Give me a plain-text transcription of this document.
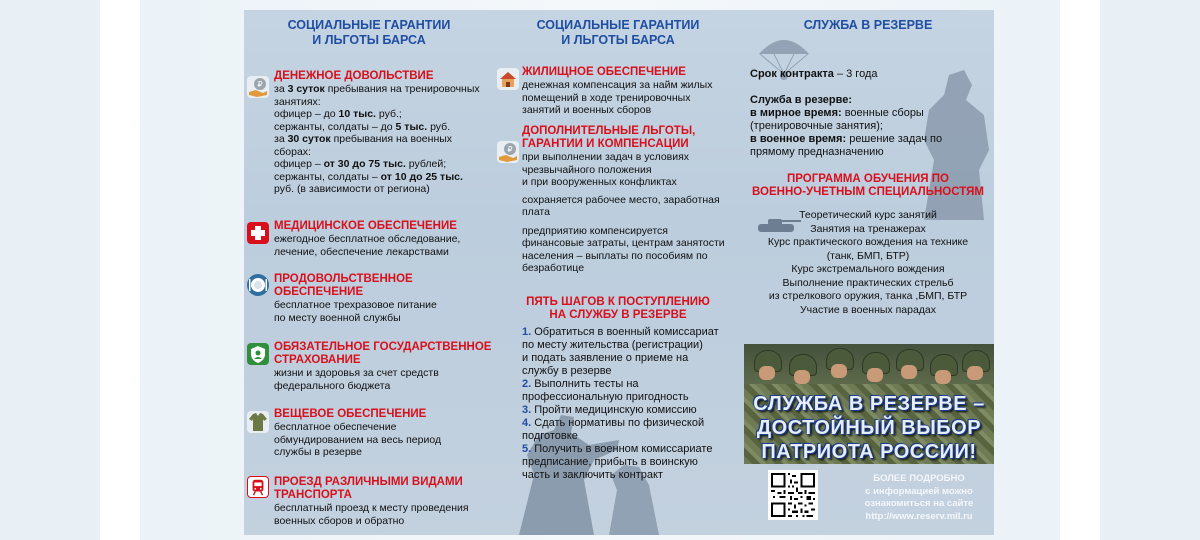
СОЦИАЛЬНЫЕ ГАРАНТИИ
И ЛЬГОТЫ БАРСА
₽
ДЕНЕЖНОЕ ДОВОЛЬСТВИЕ
за 3 суток пребывания на тренировочных
занятиях:
офицер – до 10 тыс. руб.;
сержанты, солдаты – до 5 тыс. руб.
за 30 суток пребывания на военных
сборах:
офицер – от 30 до 75 тыс. рублей;
сержанты, солдаты – от 10 до 25 тыс.
руб. (в зависимости от региона)
МЕДИЦИНСКОЕ ОБЕСПЕЧЕНИЕ
ежегодное бесплатное обследование,
лечение, обеспечение лекарствами
ПРОДОВОЛЬСТВЕННОЕ
ОБЕСПЕЧЕНИЕ
бесплатное трехразовое питание
по месту военной службы
ОБЯЗАТЕЛЬНОЕ ГОСУДАРСТВЕННОЕ
СТРАХОВАНИЕ
жизни и здоровья за счет средств
федерального бюджета
ВЕЩЕВОЕ ОБЕСПЕЧЕНИЕ
бесплатное обеспечение
обмундированием на весь период
службы в резерве
ПРОЕЗД РАЗЛИЧНЫМИ ВИДАМИ
ТРАНСПОРТА
бесплатный проезд к месту проведения
военных сборов и обратно
СОЦИАЛЬНЫЕ ГАРАНТИИ
И ЛЬГОТЫ БАРСА
ЖИЛИЩНОЕ ОБЕСПЕЧЕНИЕ
денежная компенсация за найм жилых
помещений в ходе тренировочных
занятий и военных сборов
₽
ДОПОЛНИТЕЛЬНЫЕ ЛЬГОТЫ,
ГАРАНТИИ И КОМПЕНСАЦИИ
при выполнении задач в условиях
чрезвычайного положения
и при вооруженных конфликтах
сохраняется рабочее место, заработная
плата
предприятию компенсируется
финансовые затраты, центрам занятости
населения – выплаты по пособиям по
безработице
ПЯТЬ ШАГОВ К ПОСТУПЛЕНИЮ
НА СЛУЖБУ В РЕЗЕРВЕ
1. Обратиться в военный комиссариат
по месту жительства (регистрации)
и подать заявление о приеме на
службу в резерве
2. Выполнить тесты на
профессиональную пригодность
3. Пройти медицинскую комиссию
4. Сдать нормативы по физической
подготовке
5. Получить в военном комиссариате
предписание, прибыть в воинскую
часть и заключить контракт
СЛУЖБА В РЕЗЕРВЕ
Срок контракта – 3 года
Служба в резерве:
в мирное время: военные сборы
(тренировочные занятия);
в военное время: решение задач по
прямому предназначению
ПРОГРАММА ОБУЧЕНИЯ ПО
ВОЕННО-УЧЕТНЫМ СПЕЦИАЛЬНОСТЯМ
Теоретический курс занятий
Занятия на тренажерах
Курс практического вождения на технике
(танк, БМП, БТР)
Курс экстремального вождения
Выполнение практических стрельб
из стрелкового оружия, танка ,БМП, БТР
Участие в военных парадах
СЛУЖБА В РЕЗЕРВЕ –
ДОСТОЙНЫЙ ВЫБОР
ПАТРИОТА РОССИИ!
БОЛЕЕ ПОДРОБНО
с информацией можно
ознакомиться на сайте
http://www.reserv.mil.ru
